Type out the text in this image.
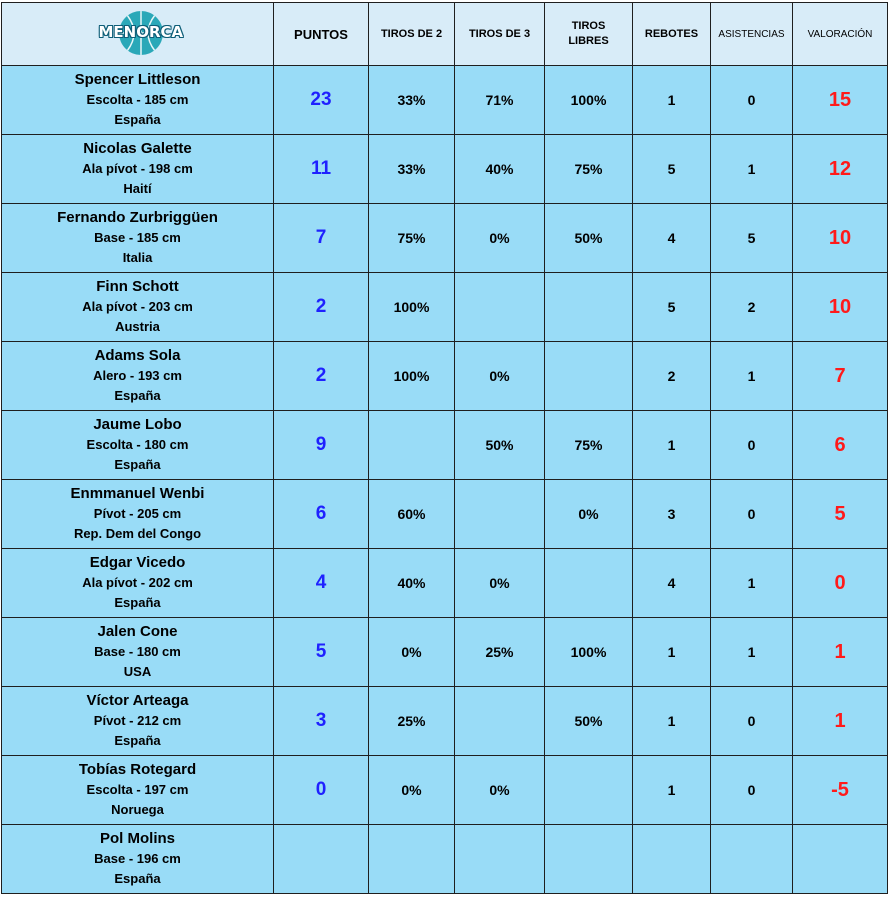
MENORCA	PUNTOS	TIROS DE 2	TIROS DE 3	TIROS
LIBRES	REBOTES	ASISTENCIAS	VALORACIÓN

Spencer Littleson
Escolta - 185 cm
España	23	33%	71%	100%	1	0	15

Nicolas Galette
Ala pívot - 198 cm
Haití	11	33%	40%	75%	5	1	12

Fernando Zurbriggüen
Base - 185 cm
Italia	7	75%	0%	50%	4	5	10

Finn Schott
Ala pívot - 203 cm
Austria	2	100%			5	2	10

Adams Sola
Alero - 193 cm
España	2	100%	0%		2	1	7

Jaume Lobo
Escolta - 180 cm
España	9		50%	75%	1	0	6

Enmmanuel Wenbi
Pívot - 205 cm
Rep. Dem del Congo	6	60%		0%	3	0	5

Edgar Vicedo
Ala pívot - 202 cm
España	4	40%	0%		4	1	0

Jalen Cone
Base - 180 cm
USA	5	0%	25%	100%	1	1	1

Víctor Arteaga
Pívot - 212 cm
España	3	25%		50%	1	0	1

Tobías Rotegard
Escolta - 197 cm
Noruega	0	0%	0%		1	0	-5

Pol Molins
Base - 196 cm
España							
